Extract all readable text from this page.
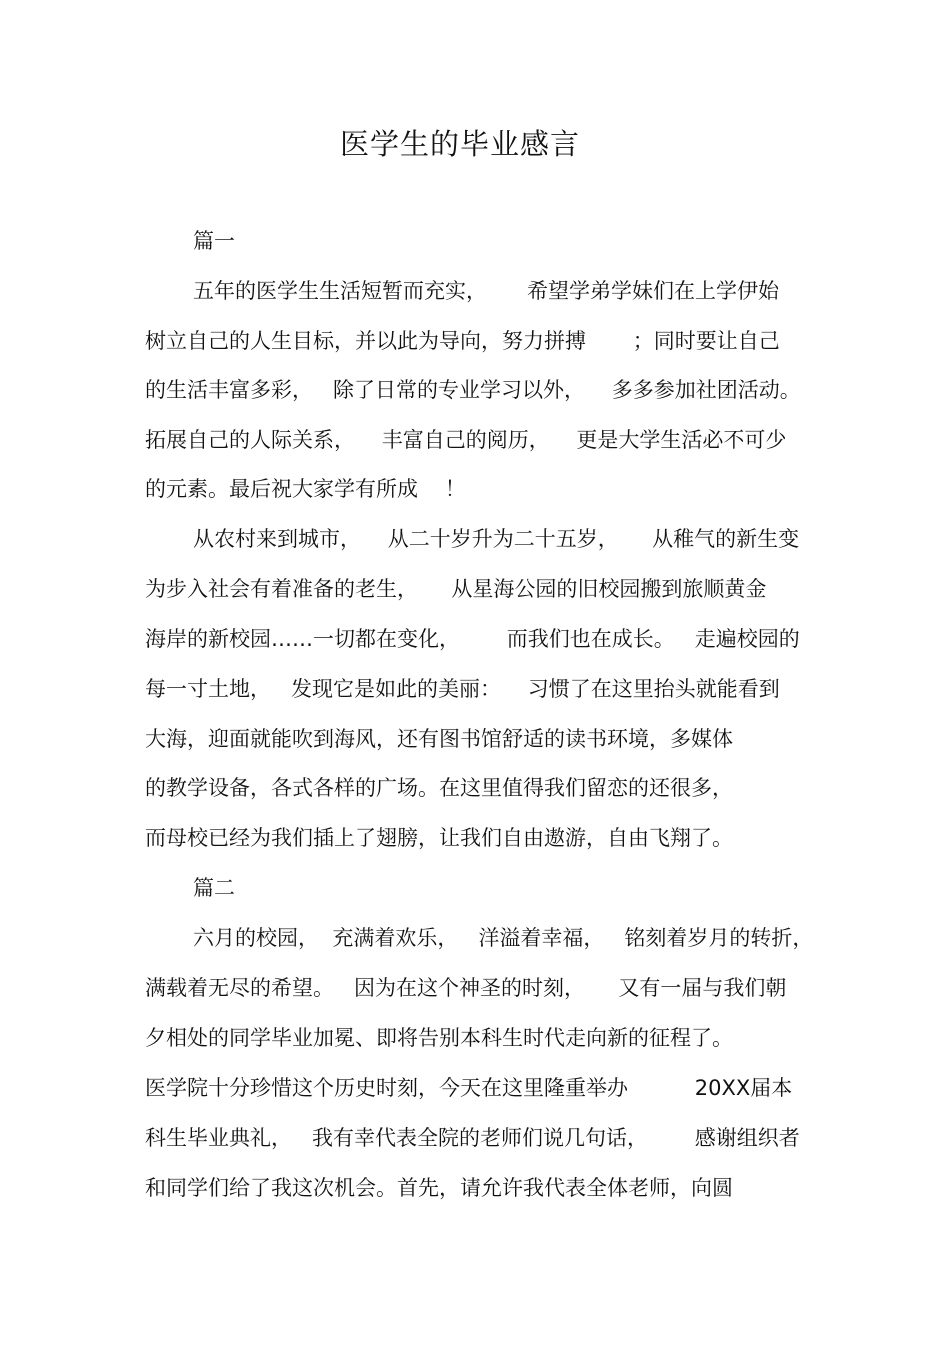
医学生的毕业感言

篇一

五年的医学生生活短暂而充实，      希望学弟学妹们在上学伊始

树立自己的人生目标，并以此为导向，努力拼搏       ；同时要让自己

的生活丰富多彩，   除了日常的专业学习以外，    多多参加社团活动。

拓展自己的人际关系，    丰富自己的阅历，    更是大学生活必不可少

的元素。最后祝大家学有所成    ！

从农村来到城市，    从二十岁升为二十五岁，     从稚气的新生变

为步入社会有着准备的老生，     从星海公园的旧校园搬到旅顺黄金

海岸的新校园……一切都在变化，       而我们也在成长。   走遍校园的

每一寸土地，   发现它是如此的美丽：    习惯了在这里抬头就能看到

大海，迎面就能吹到海风，还有图书馆舒适的读书环境，多媒体

的教学设备，各式各样的广场。在这里值得我们留恋的还很多，

而母校已经为我们插上了翅膀，让我们自由遨游，自由飞翔了。

篇二

六月的校园，  充满着欢乐，   洋溢着幸福，   铭刻着岁月的转折，

满载着无尽的希望。   因为在这个神圣的时刻，     又有一届与我们朝

夕相处的同学毕业加冕、即将告别本科生时代走向新的征程了。

医学院十分珍惜这个历史时刻，今天在这里隆重举办          20XX届本

科生毕业典礼，   我有幸代表全院的老师们说几句话，       感谢组织者

和同学们给了我这次机会。首先，请允许我代表全体老师，向圆
